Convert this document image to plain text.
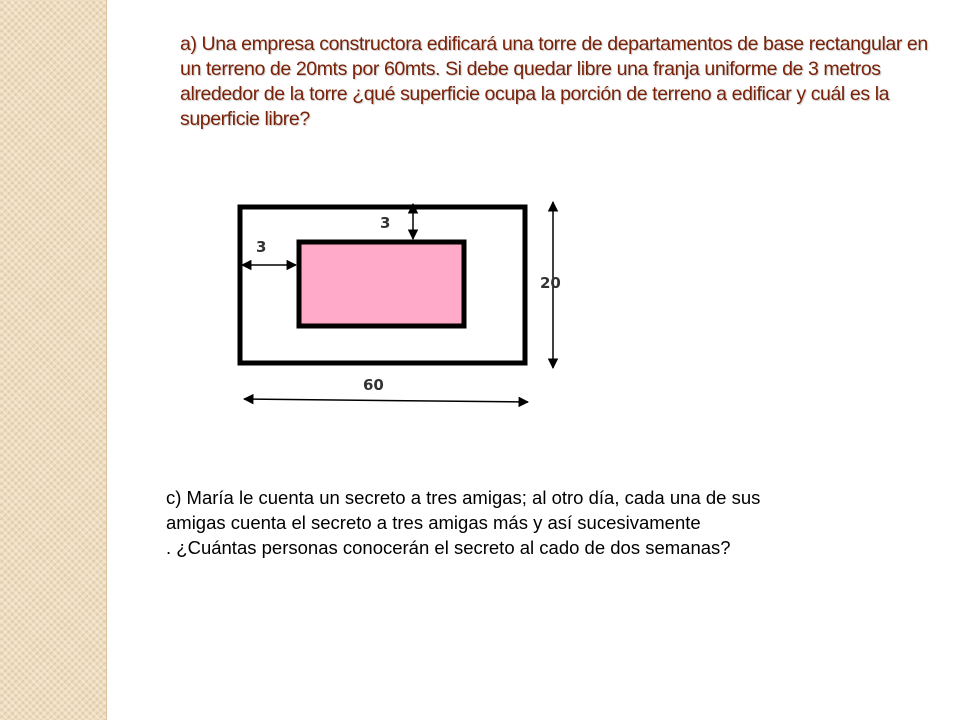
a) Una empresa constructora edificará una torre de departamentos de base rectangular en un terreno de 20mts por 60mts. Si debe quedar libre una franja uniforme de 3 metros alrededor de la torre ¿qué superficie ocupa la porción de terreno a edificar y cuál es la superficie libre?

3
3
20
60

c) María le cuenta un secreto a tres amigas; al otro día, cada una de sus
amigas cuenta el secreto a tres amigas más y así sucesivamente
. ¿Cuántas personas conocerán el secreto al cado de dos semanas?
